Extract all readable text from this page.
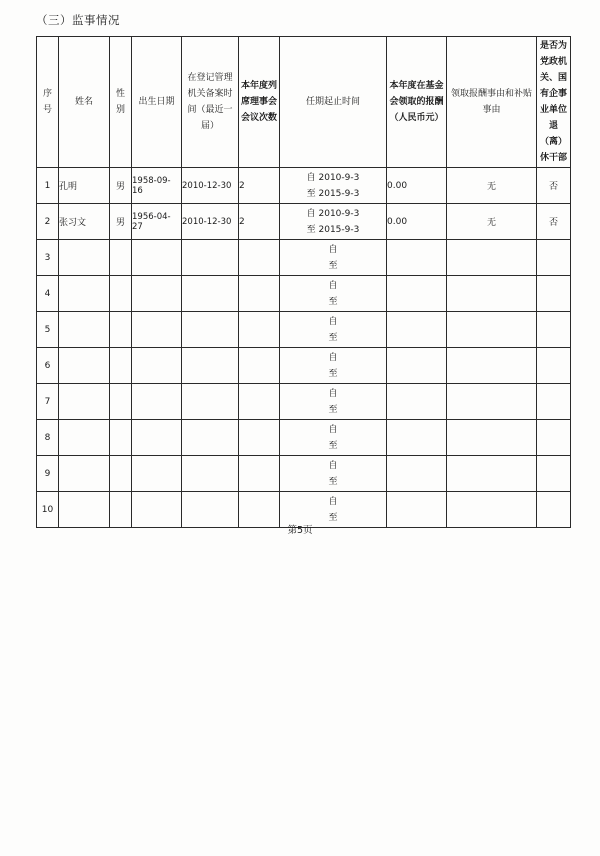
（三）监事情况
序号	姓名	性别	出生日期	在登记管理机关备案时间（最近一届）	本年度列席理事会会议次数	任期起止时间	本年度在基金会领取的报酬（人民币元）	领取报酬事由和补贴事由	是否为党政机关、国有企事业单位退（离）休干部
1	孔明	男	1958-09-16	2010-12-30	2	自 2010-9-3
至 2015-9-3	0.00	无	否
2	张习文	男	1956-04-27	2010-12-30	2	自 2010-9-3
至 2015-9-3	0.00	无	否
3						自
至			

4						自
至			

5						自
至			

6						自
至			

7						自
至			

8						自
至			

9						自
至			

10						自
至			

第5页
